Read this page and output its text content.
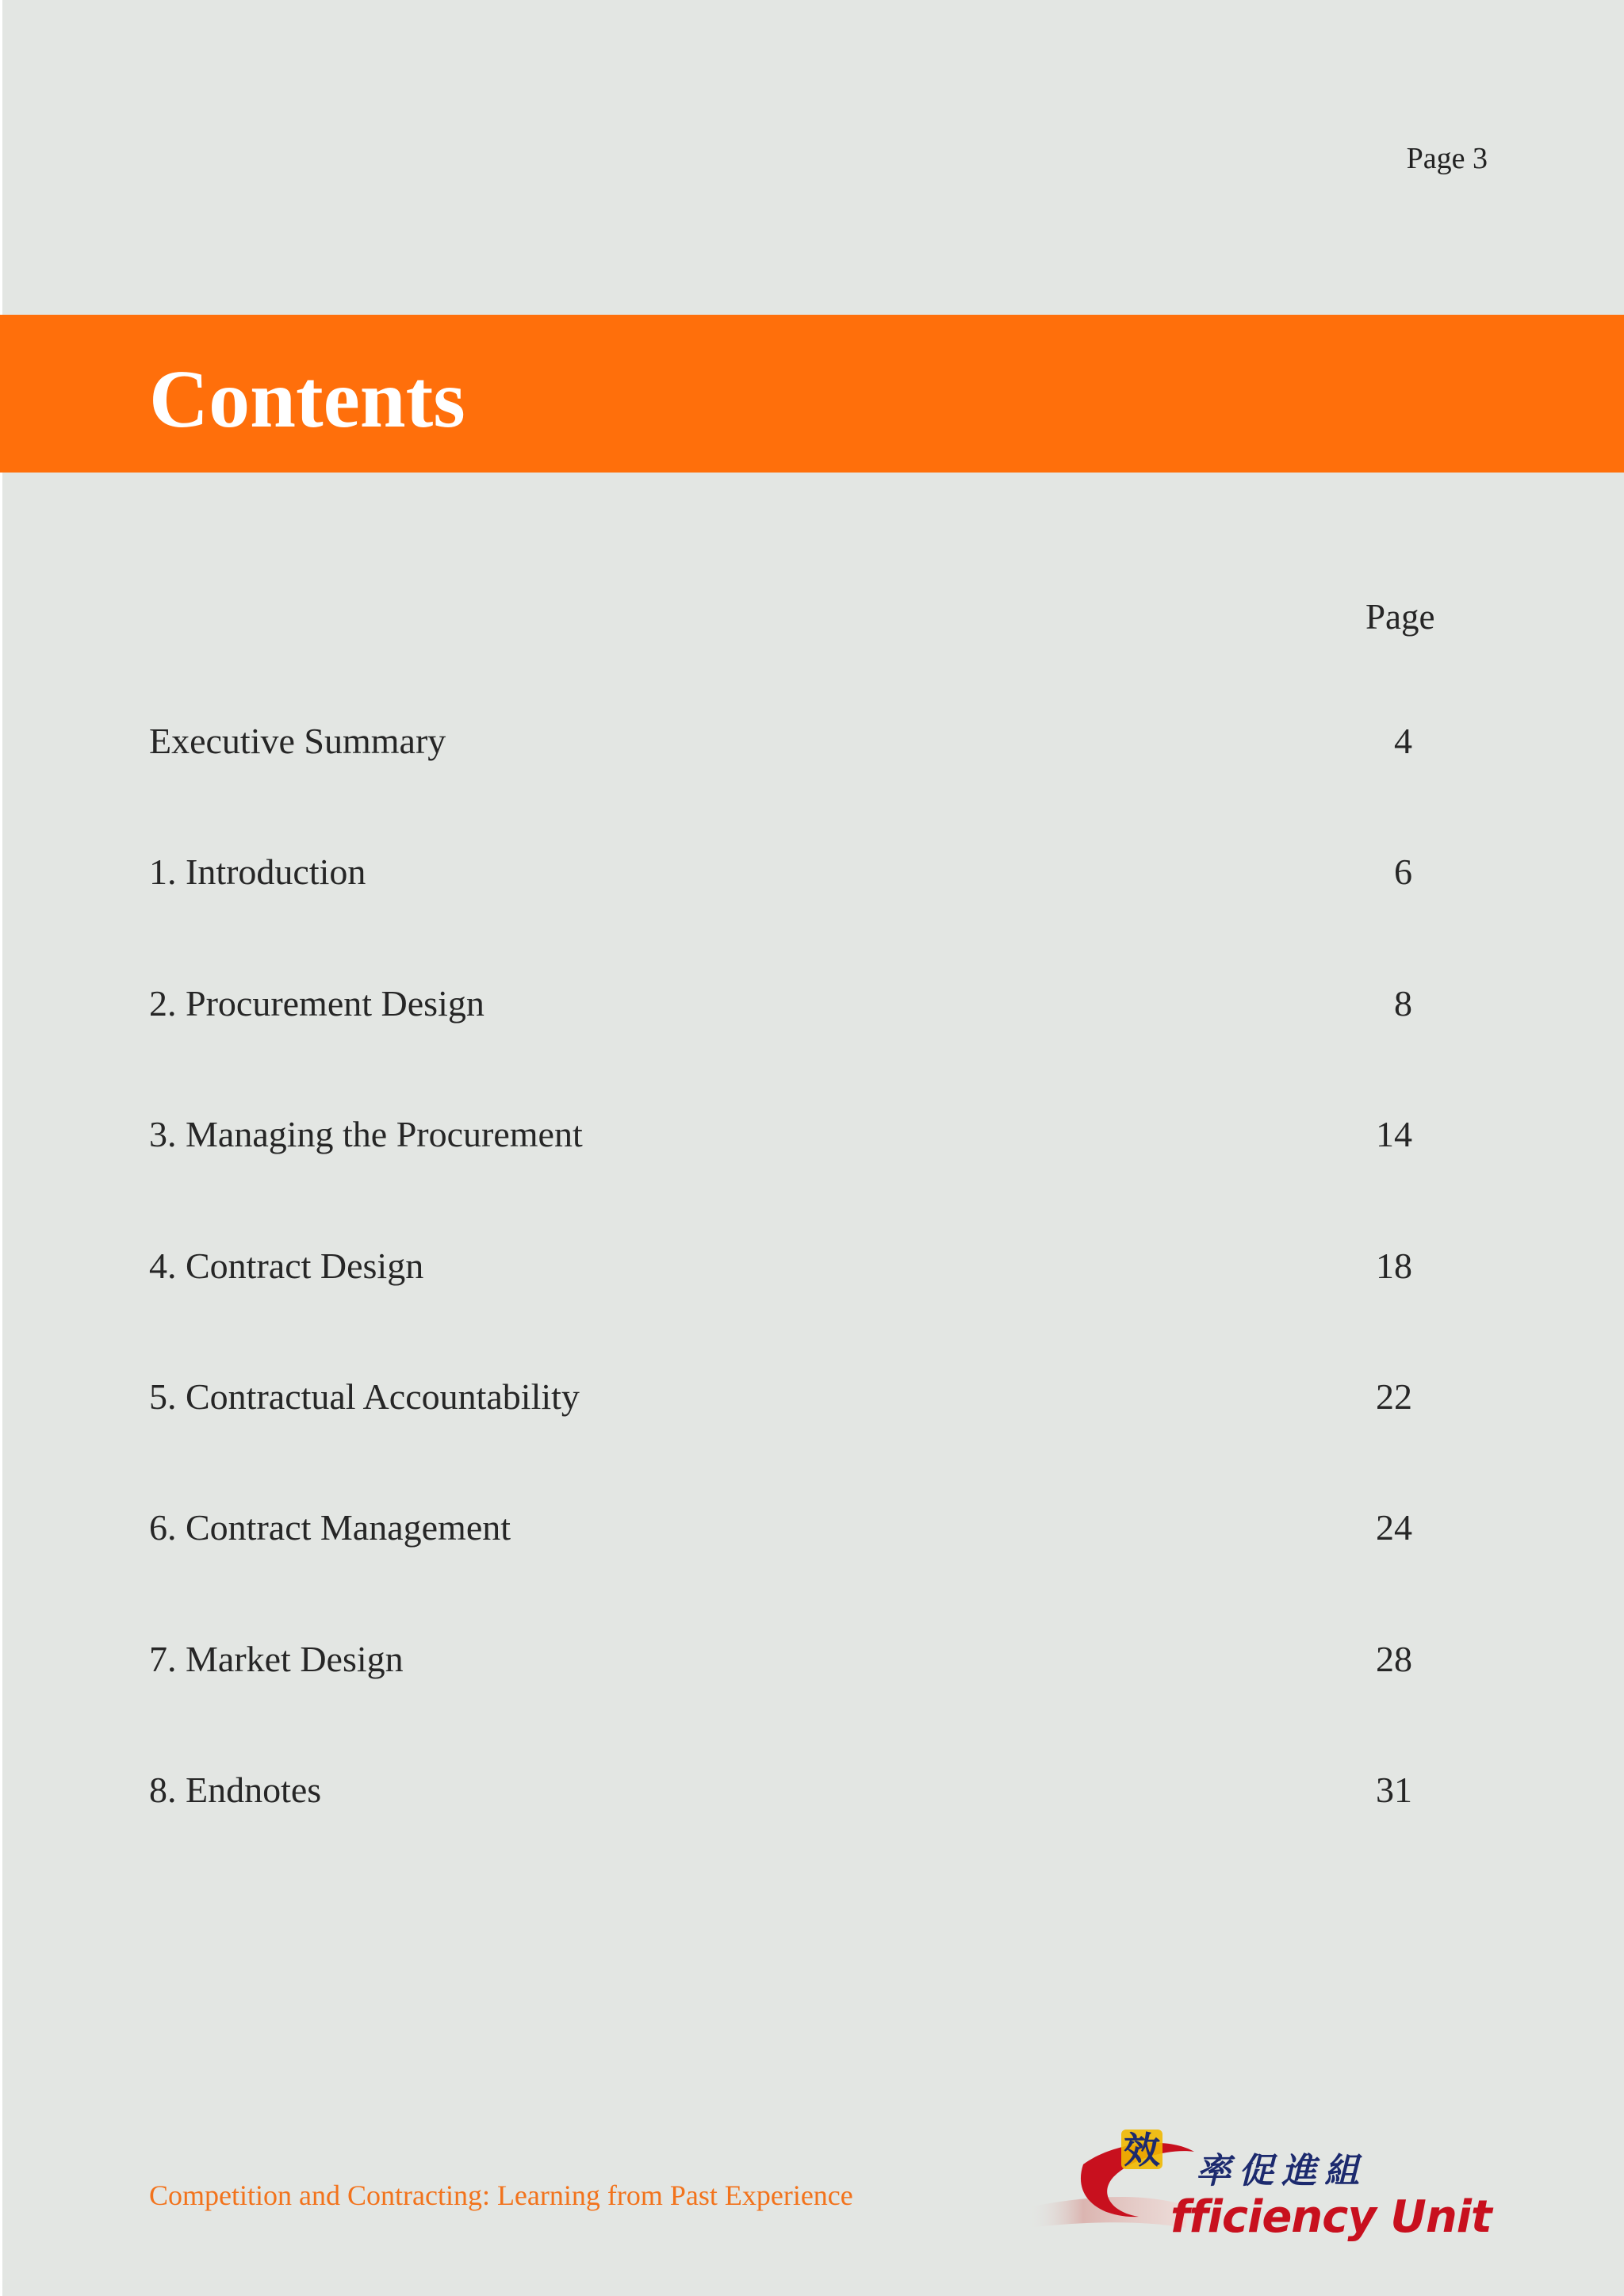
Page 3
Contents
Page
Executive Summary	4
1. Introduction	6
2. Procurement Design	8
3. Managing the Procurement	14
4. Contract Design	18
5. Contractual Accountability	22
6. Contract Management	24
7. Market Design	28
8. Endnotes	31
Competition and Contracting: Learning from Past Experience
效 率促進組
fficiency Unit
